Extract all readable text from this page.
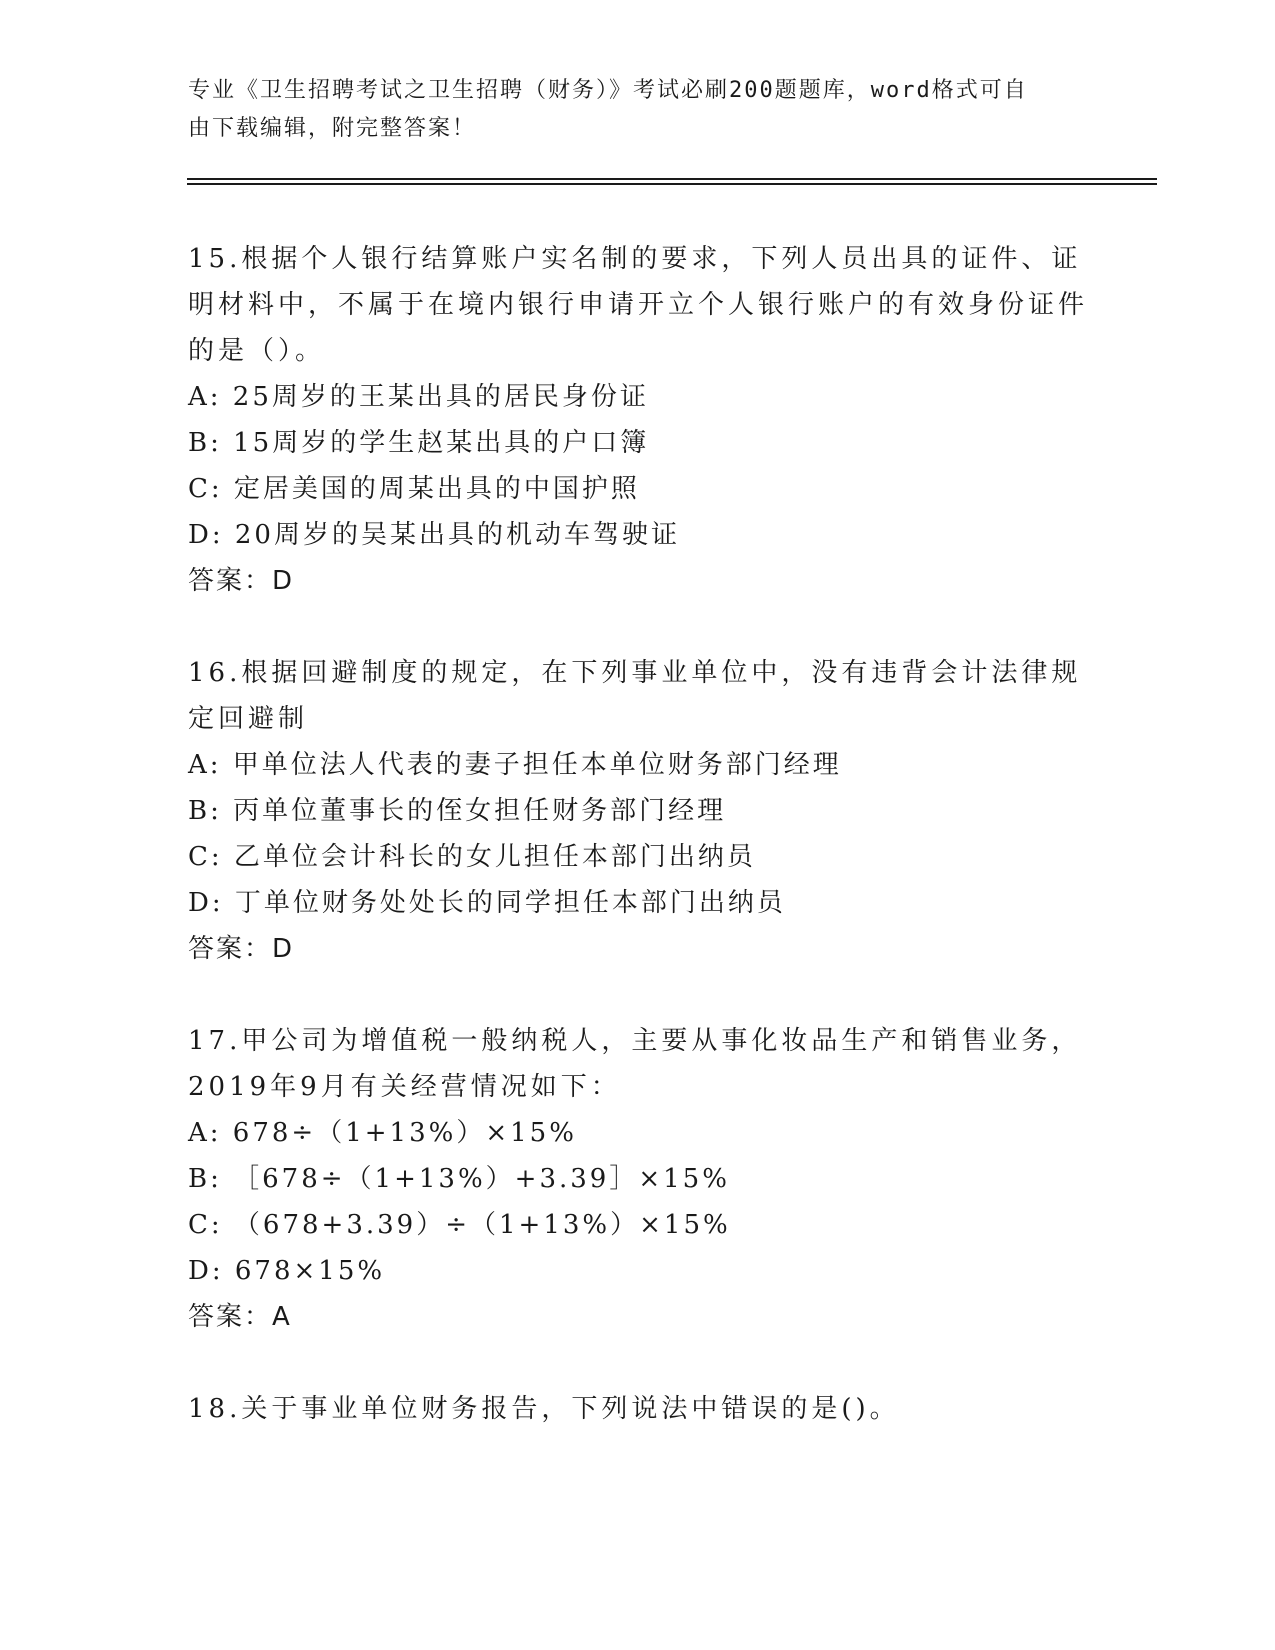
专业《卫生招聘考试之卫生招聘（财务）》考试必刷200题题库，word格式可自
由下载编辑，附完整答案！

15.根据个人银行结算账户实名制的要求，下列人员出具的证件、证明材料中，不属于在境内银行申请开立个人银行账户的有效身份证件的是（）。

A: 25周岁的王某出具的居民身份证

B: 15周岁的学生赵某出具的户口簿

C: 定居美国的周某出具的中国护照

D: 20周岁的吴某出具的机动车驾驶证

答案：D

16.根据回避制度的规定，在下列事业单位中，没有违背会计法律规定回避制

A: 甲单位法人代表的妻子担任本单位财务部门经理

B: 丙单位董事长的侄女担任财务部门经理

C: 乙单位会计科长的女儿担任本部门出纳员

D: 丁单位财务处处长的同学担任本部门出纳员

答案：D

17.甲公司为增值税一般纳税人，主要从事化妆品生产和销售业务，2019年9月有关经营情况如下：

A: 678÷（1+13%）×15%

B: ［678÷（1+13%）+3.39］×15%

C: （678+3.39）÷（1+13%）×15%

D: 678×15%

答案：A

18.关于事业单位财务报告，下列说法中错误的是()。
